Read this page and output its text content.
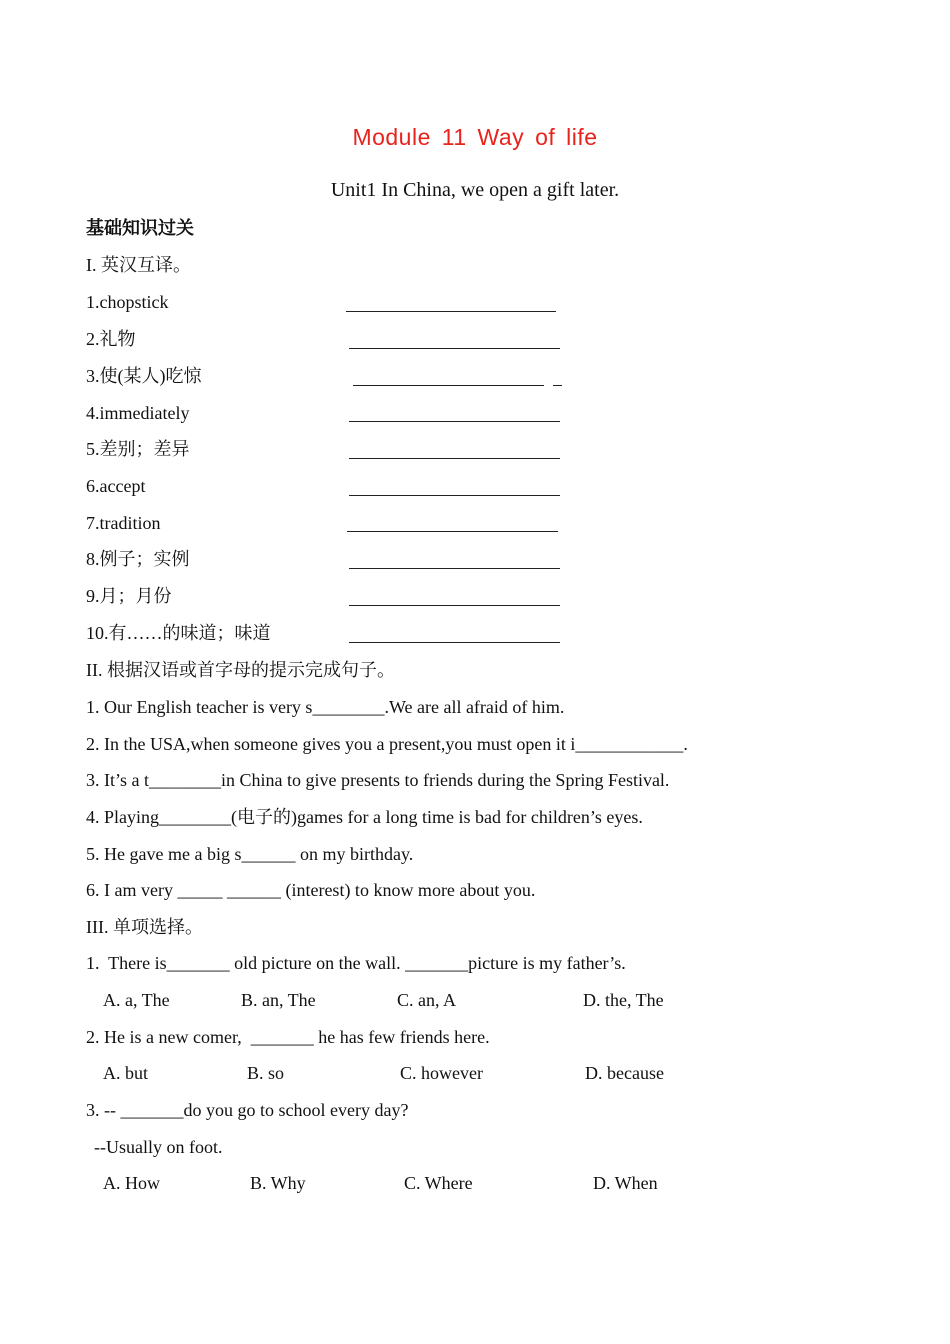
Module 11 Way of life
Unit1 In China, we open a gift later.
基础知识过关
I. 英汉互译。
1.chopstick
2.礼物
3.使(某人)吃惊
4.immediately
5.差别；差异
6.accept
7.tradition
8.例子；实例
9.月；月份
10.有……的味道；味道
II. 根据汉语或首字母的提示完成句子。
1. Our English teacher is very s________.We are all afraid of him.
2. In the USA,when someone gives you a present,you must open it i____________.
3. It’s a t________in China to give presents to friends during the Spring Festival.
4. Playing________(电子的)games for a long time is bad for children’s eyes.
5. He gave me a big s______ on my birthday.
6. I am very _____ ______ (interest) to know more about you.
III. 单项选择。
1.  There is_______ old picture on the wall. _______picture is my father’s.
A. a, The	B. an, The	C. an, A	D. the, The
2. He is a new comer,  _______ he has few friends here.
A. but	B. so	C. however	D. because
3. -- _______do you go to school every day?
--Usually on foot.
A. How	B. Why	C. Where	D. When
